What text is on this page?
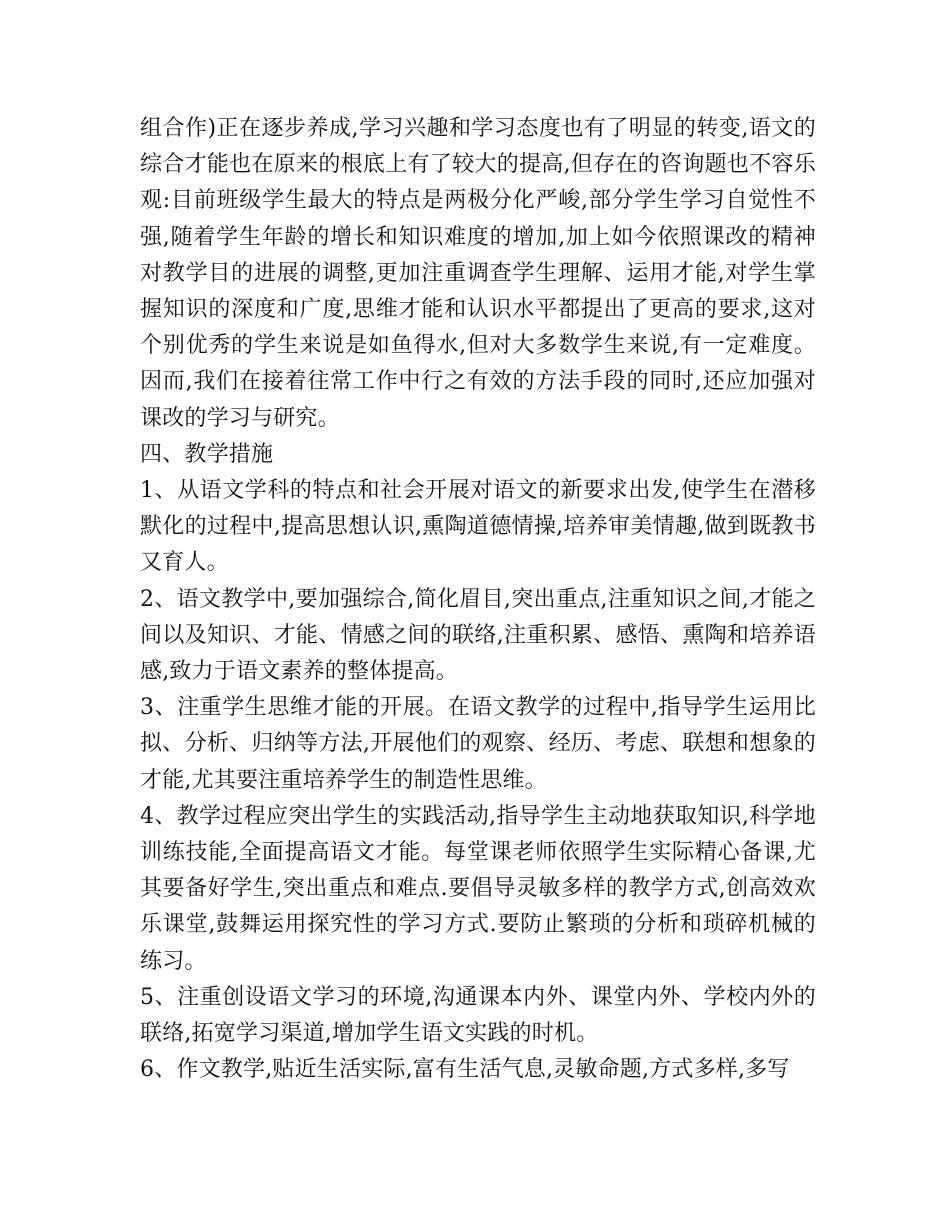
组合作)正在逐步养成,学习兴趣和学习态度也有了明显的转变,语文的综合才能也在原来的根底上有了较大的提高,但存在的咨询题也不容乐观:目前班级学生最大的特点是两极分化严峻,部分学生学习自觉性不强,随着学生年龄的增长和知识难度的增加,加上如今依照课改的精神对教学目的进展的调整,更加注重调查学生理解、运用才能,对学生掌握知识的深度和广度,思维才能和认识水平都提出了更高的要求,这对个别优秀的学生来说是如鱼得水,但对大多数学生来说,有一定难度。因而,我们在接着往常工作中行之有效的方法手段的同时,还应加强对课改的学习与研究。

四、教学措施

1、从语文学科的特点和社会开展对语文的新要求出发,使学生在潜移默化的过程中,提高思想认识,熏陶道德情操,培养审美情趣,做到既教书又育人。

2、语文教学中,要加强综合,简化眉目,突出重点,注重知识之间,才能之间以及知识、才能、情感之间的联络,注重积累、感悟、熏陶和培养语感,致力于语文素养的整体提高。

3、注重学生思维才能的开展。在语文教学的过程中,指导学生运用比拟、分析、归纳等方法,开展他们的观察、经历、考虑、联想和想象的才能,尤其要注重培养学生的制造性思维。

4、教学过程应突出学生的实践活动,指导学生主动地获取知识,科学地训练技能,全面提高语文才能。每堂课老师依照学生实际精心备课,尤其要备好学生,突出重点和难点.要倡导灵敏多样的教学方式,创高效欢乐课堂,鼓舞运用探究性的学习方式.要防止繁琐的分析和琐碎机械的练习。

5、注重创设语文学习的环境,沟通课本内外、课堂内外、学校内外的联络,拓宽学习渠道,增加学生语文实践的时机。

6、作文教学,贴近生活实际,富有生活气息,灵敏命题,方式多样,多写
